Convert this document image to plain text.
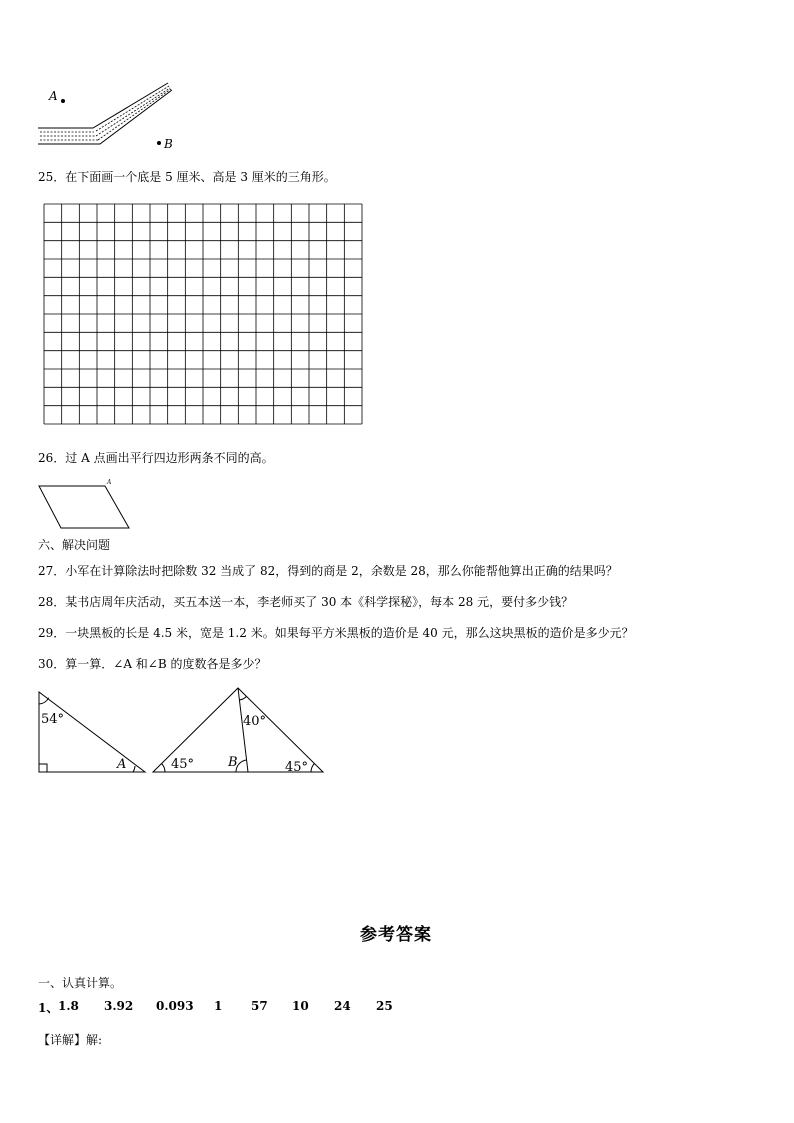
A
B
25．在下面画一个底是 5 厘米、高是 3 厘米的三角形。
26．过 A 点画出平行四边形两条不同的高。
A
六、解决问题
27．小军在计算除法时把除数 32 当成了 82，得到的商是 2，余数是 28，那么你能帮他算出正确的结果吗？
28．某书店周年庆活动，买五本送一本，李老师买了 30 本《科学探秘》，每本 28 元，要付多少钱？
29．一块黑板的长是 4.5 米，宽是 1.2 米。如果每平方米黑板的造价是 40 元，那么这块黑板的造价是多少元？
30．算一算．∠A 和∠B 的度数各是多少？
54°
A
40°
45°	45°
B
参考答案
一、认真计算。
1、 1.8 3.92 0.093 1 57 10 24 25
【详解】解:
